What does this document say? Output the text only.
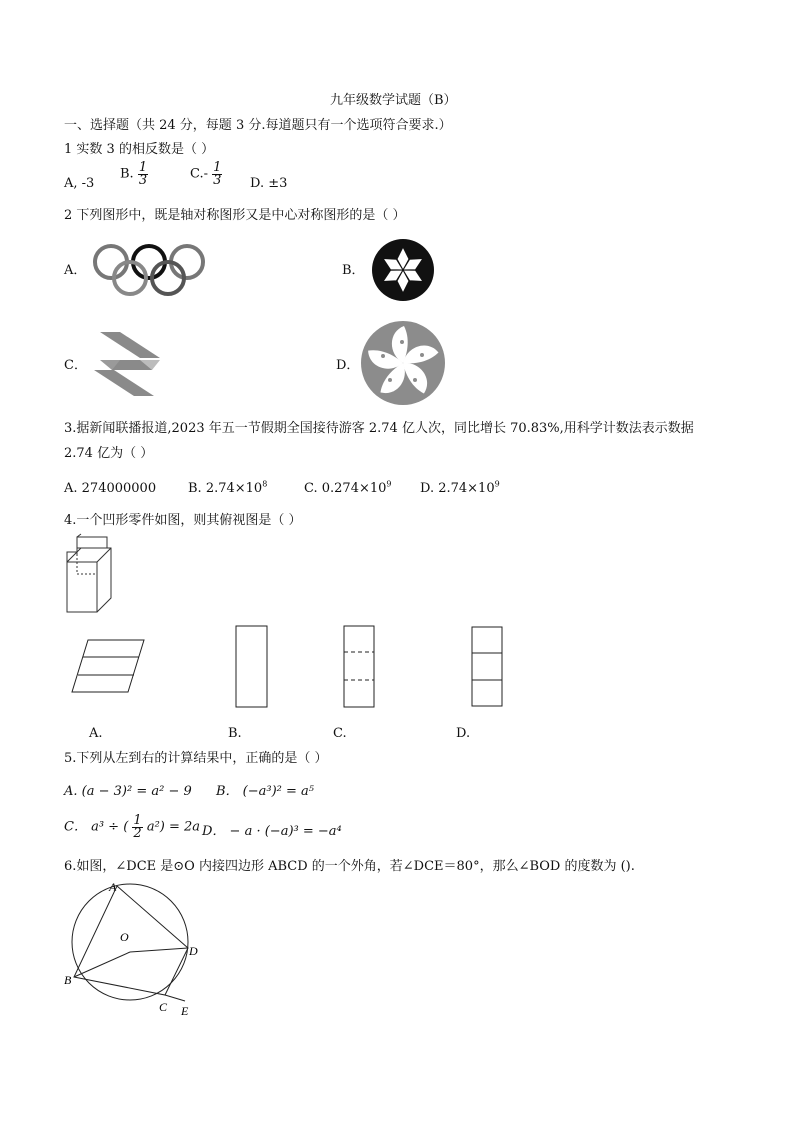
九年级数学试题（B）
一、选择题（共 24 分，每题 3 分.每道题只有一个选项符合要求.）
1 实数 3 的相反数是（ ）
A, -3
B. $\frac{1}{3}$	$C.- \frac{1}{3} D$. ±3
2 下列图形中，既是轴对称图形又是中心对称图形的是（ ）
A．	B．
C．	D．
3.据新闻联播报道,2023 年五一节假期全国接待游客 2.74 亿人次，同比增长 70.83%,用科学计数法表示数据
2.74 亿为（ ）
A. 274000000 B. $2.74\times 10^8$	C. $0.274\times 10^9$ D. $2.74\times 10^9$
4.一个凹形零件如图，则其俯视图是（ ）
A.	B.	C.	D.
5.下列从左到右的计算结果中，正确的是（ ）
A. (a − 3)² = a² − 9 B． (−a³)² = a⁵
C． a³ ÷ ( $\frac{1}{2} a^2) = 2a$ D． − a · (−a)³ = −a⁴
6.如图，∠DCE 是⊙O 内接四边形 ABCD 的一个外角，若∠DCE＝80°，那么∠BOD 的度数为 ().
A
O
D
B
C E
